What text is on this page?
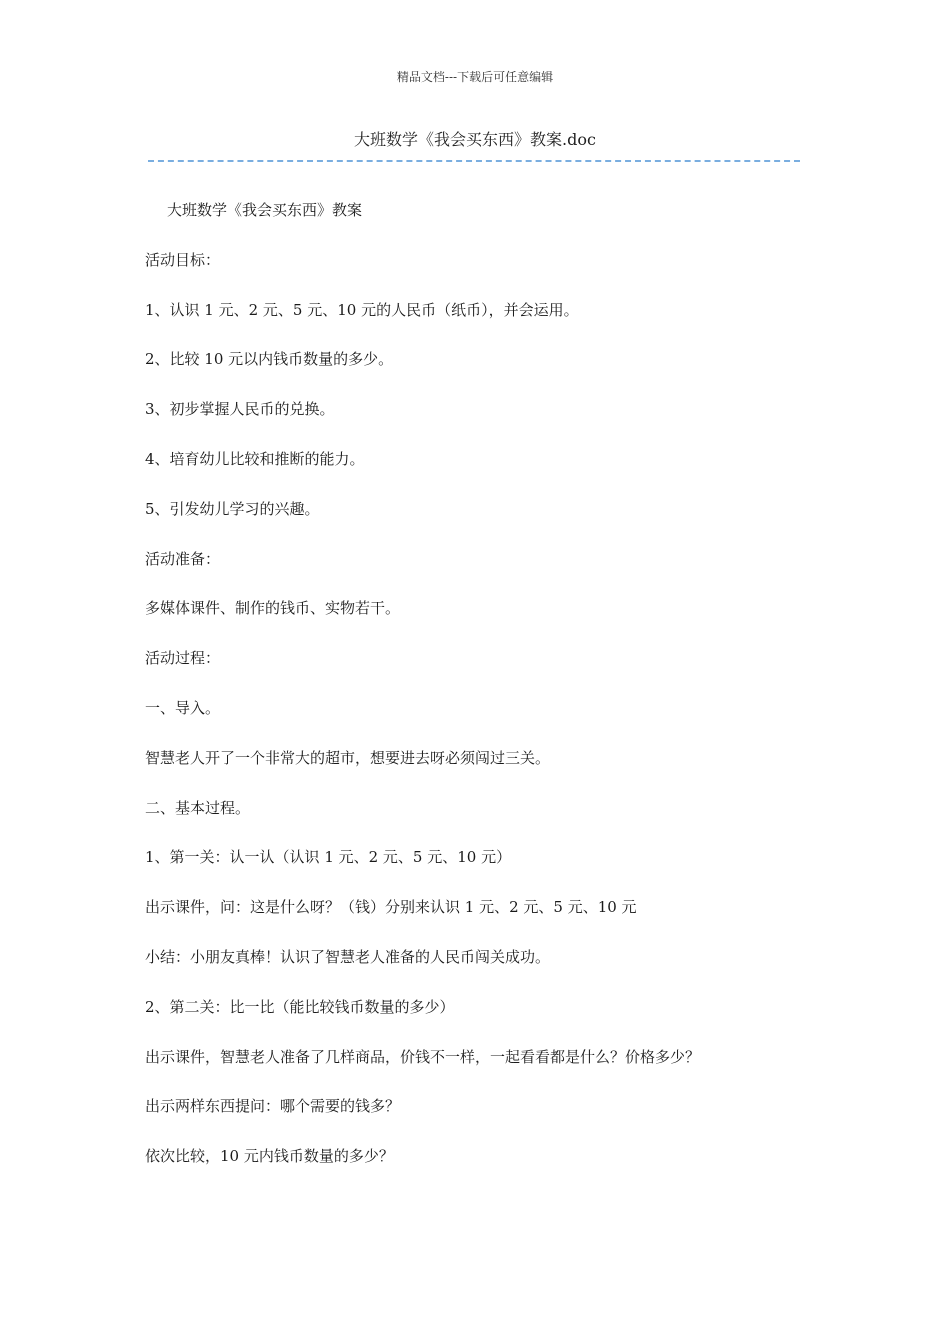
精品文档---下载后可任意编辑
大班数学《我会买东西》教案.doc

大班数学《我会买东西》教案

活动目标：

1、认识 1 元、2 元、5 元、10 元的人民币（纸币），并会运用。

2、比较 10 元以内钱币数量的多少。

3、初步掌握人民币的兑换。

4、培育幼儿比较和推断的能力。

5、引发幼儿学习的兴趣。

活动准备：

多媒体课件、制作的钱币、实物若干。

活动过程：

一、导入。

智慧老人开了一个非常大的超市，想要进去呀必须闯过三关。

二、基本过程。

1、第一关：认一认（认识 1 元、2 元、5 元、10 元）

出示课件，问：这是什么呀？（钱）分别来认识 1 元、2 元、5 元、10 元

小结：小朋友真棒！认识了智慧老人准备的人民币闯关成功。

2、第二关：比一比（能比较钱币数量的多少）

出示课件，智慧老人准备了几样商品，价钱不一样，一起看看都是什么？价格多少？

出示两样东西提问：哪个需要的钱多？

依次比较，10 元内钱币数量的多少？
